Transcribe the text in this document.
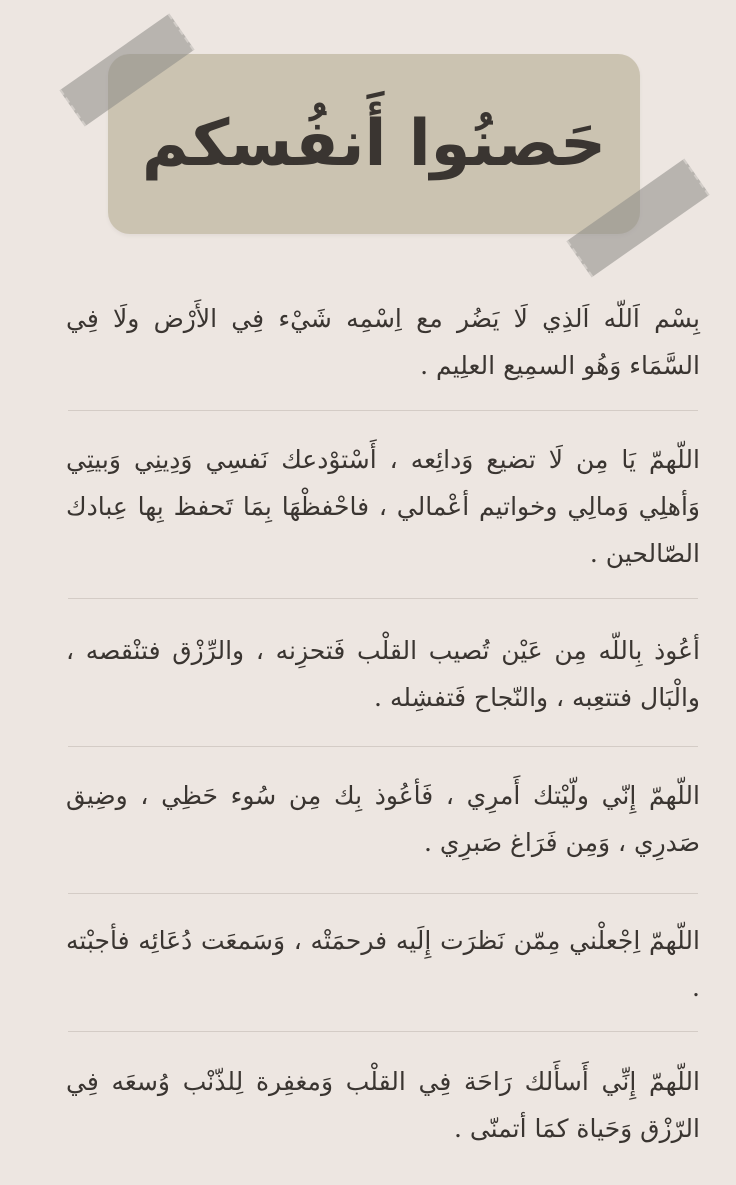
حَصنُوا أَنفُسكم
بِسْم اَللّه اَلذِي لَا يَضُر مع اِسْمِه شَيْء فِي الأَرْض ولَا فِي السَّمَاء وَهُو السمِيع العلِيم .
اللّهمّ يَا مِن لَا تضيع وَدائِعه ، أَسْتوْدعك نَفسِي وَدِينِي وَبيتِي وَأهلِي وَمالِي وخواتيم أعْمالي ، فاحْفظْهَا بِمَا تَحفظ بِها عِبادك الصّالحين .
أعُوذ بِاللّه مِن عَيْن تُصيب القلْب فَتحزِنه ، والرِّزْق فتنْقصه ، والْبَال فتتعِبه ، والنّجاح فَتفشِله .
اللّهمّ إِنّي ولّيْتك أَمرِي ، فَأعُوذ بِك مِن سُوء حَظِي ، وضِيق صَدرِي ، وَمِن فَرَاغ صَبرِي .
اللّهمّ اِجْعلْني مِمّن نَظرَت إِلَيه فرحمَتْه ، وَسَمعَت دُعَائِه فأجبْته .
اللّهمّ إِنِّي أَسأَلك رَاحَة فِي القلْب وَمغفِرة لِلذّنْب وُسعَه فِي الرّزْق وَحَياة كمَا أتمنّى .
